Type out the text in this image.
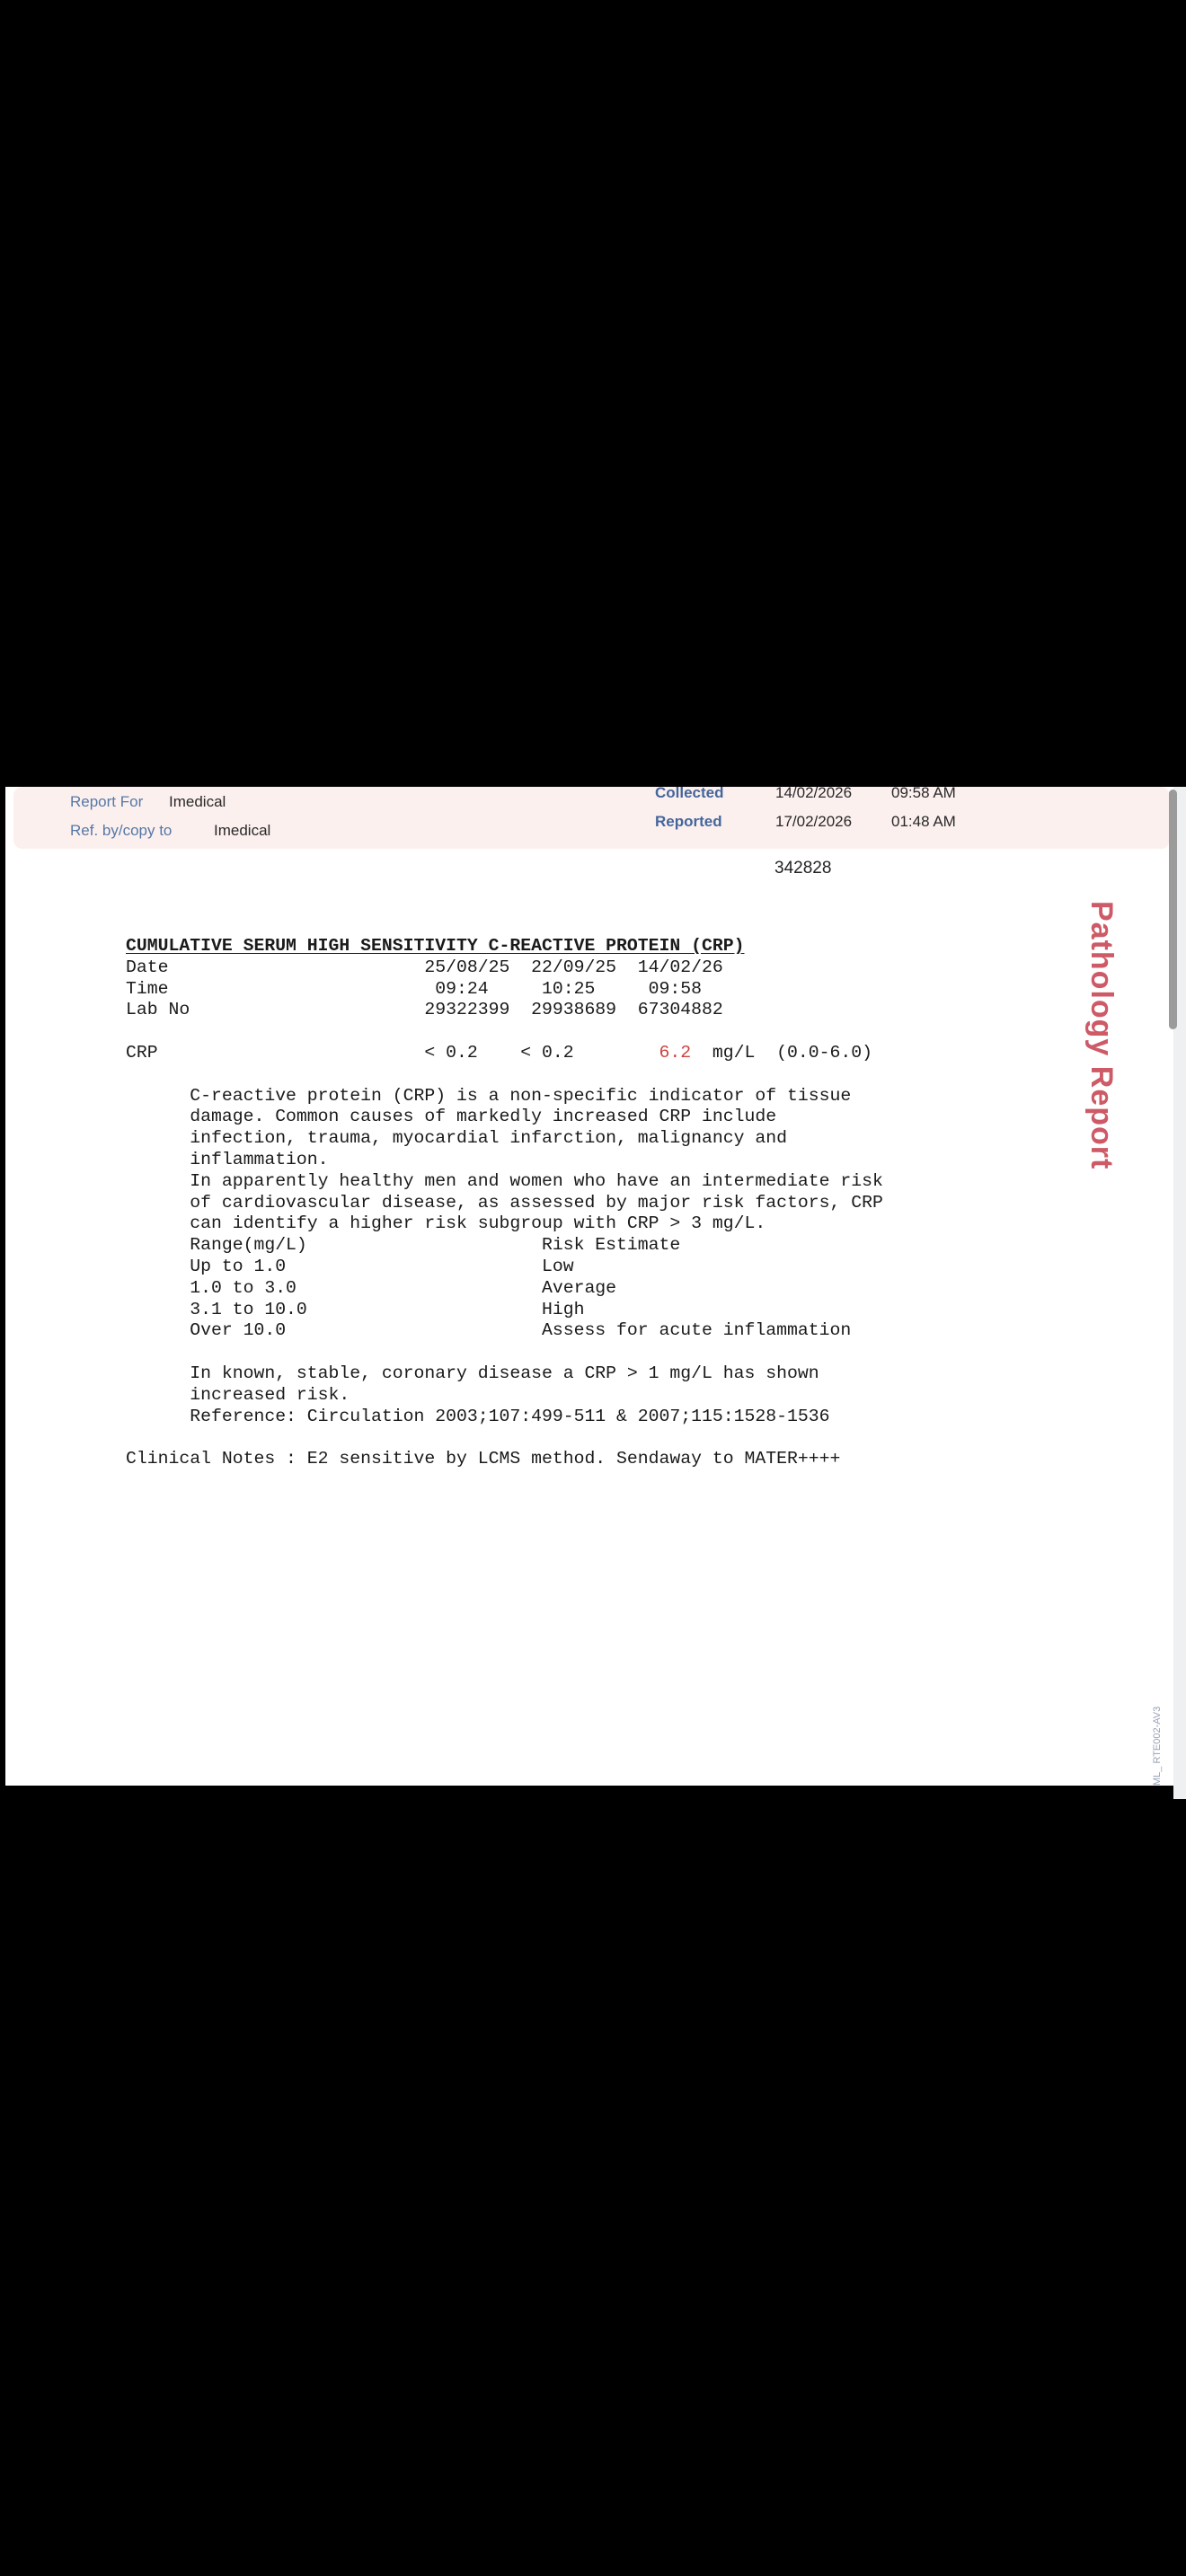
Report For Imedical
Ref. by/copy to	Imedical
Collected	14/02/2026	09:58 AM
Reported	17/02/2026	01:48 AM
342828
CUMULATIVE SERUM HIGH SENSITIVITY C-REACTIVE PROTEIN (CRP)
Date                        25/08/25  22/09/25  14/02/26
Time                         09:24     10:25     09:58
Lab No                      29322399  29938689  67304882

CRP                         < 0.2    < 0.2        6.2  mg/L  (0.0-6.0)

C-reactive protein (CRP) is a non-specific indicator of tissue
damage. Common causes of markedly increased CRP include
infection, trauma, myocardial infarction, malignancy and
inflammation.
In apparently healthy men and women who have an intermediate risk
of cardiovascular disease, as assessed by major risk factors, CRP
can identify a higher risk subgroup with CRP > 3 mg/L.
Range(mg/L)                      Risk Estimate
Up to 1.0                        Low
1.0 to 3.0                       Average
3.1 to 10.0                      High
Over 10.0                        Assess for acute inflammation

In known, stable, coronary disease a CRP > 1 mg/L has shown
increased risk.
Reference: Circulation 2003;107:499-511 & 2007;115:1528-1536

Clinical Notes : E2 sensitive by LCMS method. Sendaway to MATER++++
Pathology Report
ML_ RTE002-AV3
